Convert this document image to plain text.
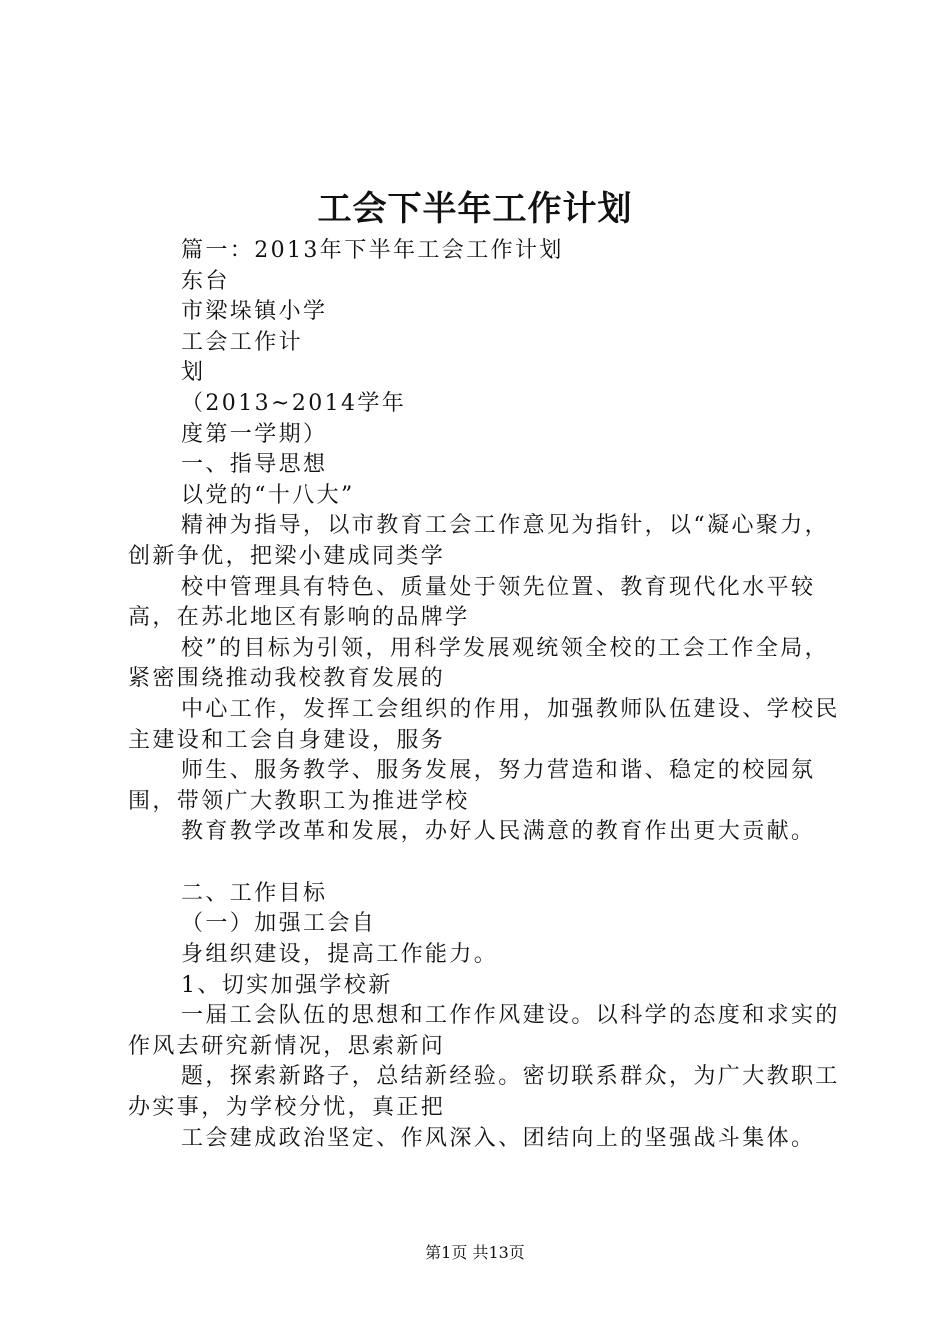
工会下半年工作计划

篇一：2013年下半年工会工作计划

东台

市梁垛镇小学

工会工作计

划

（2013~2014学年

度第一学期）

一、指导思想

以党的“十八大”

精神为指导，以市教育工会工作意见为指针，以“凝心聚力，创新争优，把梁小建成同类学

校中管理具有特色、质量处于领先位置、教育现代化水平较高，在苏北地区有影响的品牌学

校”的目标为引领，用科学发展观统领全校的工会工作全局，紧密围绕推动我校教育发展的

中心工作，发挥工会组织的作用，加强教师队伍建设、学校民主建设和工会自身建设，服务

师生、服务教学、服务发展，努力营造和谐、稳定的校园氛围，带领广大教职工为推进学校

教育教学改革和发展，办好人民满意的教育作出更大贡献。

二、工作目标

（一）加强工会自

身组织建设，提高工作能力。

1、切实加强学校新

一届工会队伍的思想和工作作风建设。以科学的态度和求实的作风去研究新情况，思索新问

题，探索新路子，总结新经验。密切联系群众，为广大教职工办实事，为学校分忧，真正把

工会建成政治坚定、作风深入、团结向上的坚强战斗集体。

第1页 共13页
